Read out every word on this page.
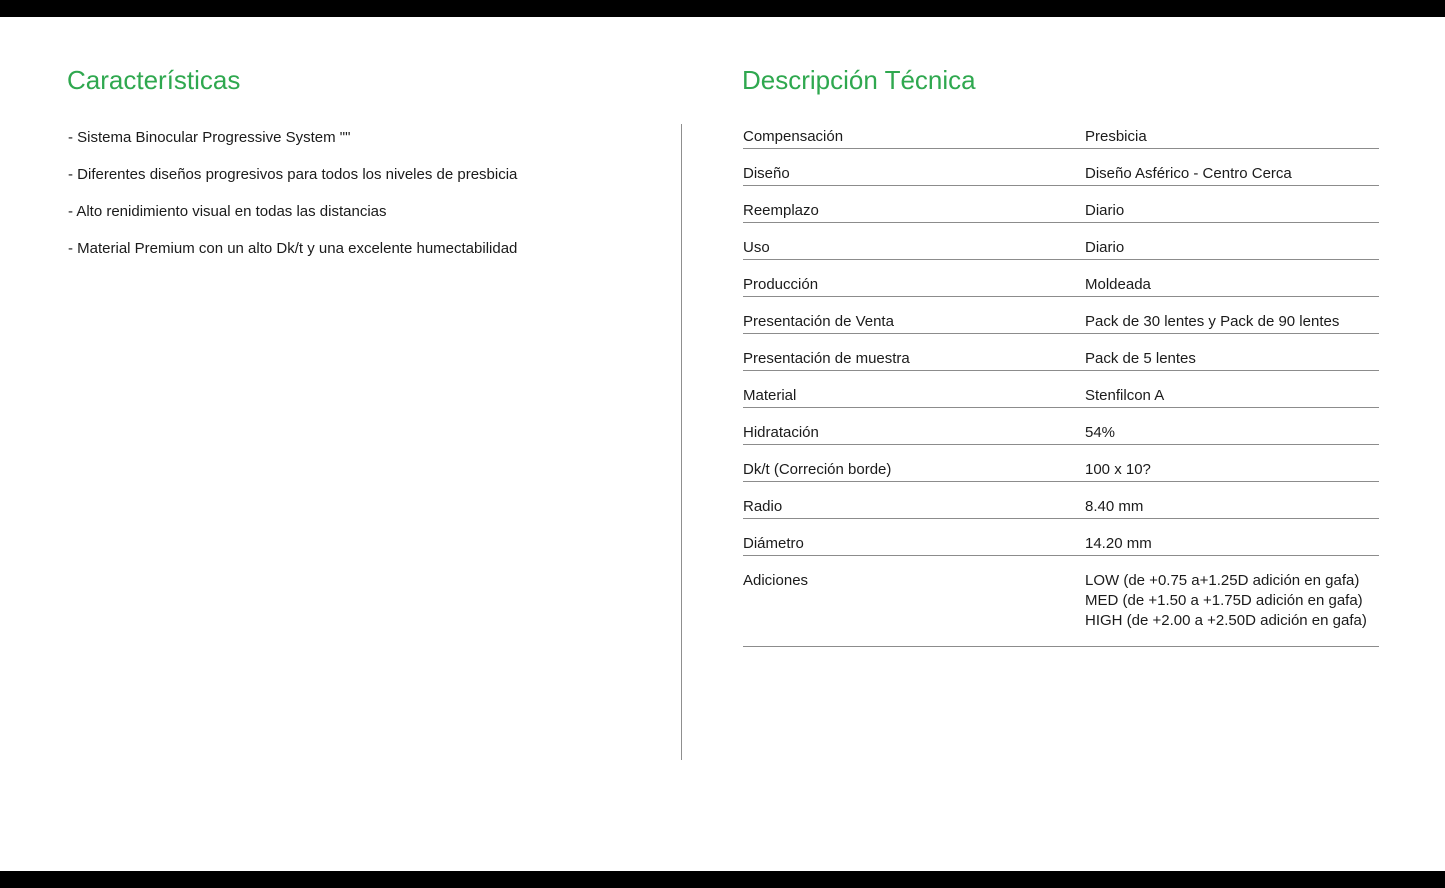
Características
- Sistema Binocular Progressive System ""
- Diferentes diseños progresivos para todos los niveles de presbicia
- Alto renidimiento visual en todas las distancias
- Material Premium con un alto Dk/t y una excelente humectabilidad
Descripción Técnica
Compensación	Presbicia
Diseño	Diseño Asférico - Centro Cerca
Reemplazo	Diario
Uso	Diario
Producción	Moldeada
Presentación de Venta	Pack de 30 lentes y Pack de 90 lentes
Presentación de muestra	Pack de 5 lentes
Material	Stenfilcon A
Hidratación	54%
Dk/t (Correción borde)	100 x 10?
Radio	8.40 mm
Diámetro	14.20 mm
Adiciones	LOW (de +0.75 a+1.25D adición en gafa)
MED (de +1.50 a +1.75D adición en gafa)
HIGH (de +2.00 a +2.50D adición en gafa)
